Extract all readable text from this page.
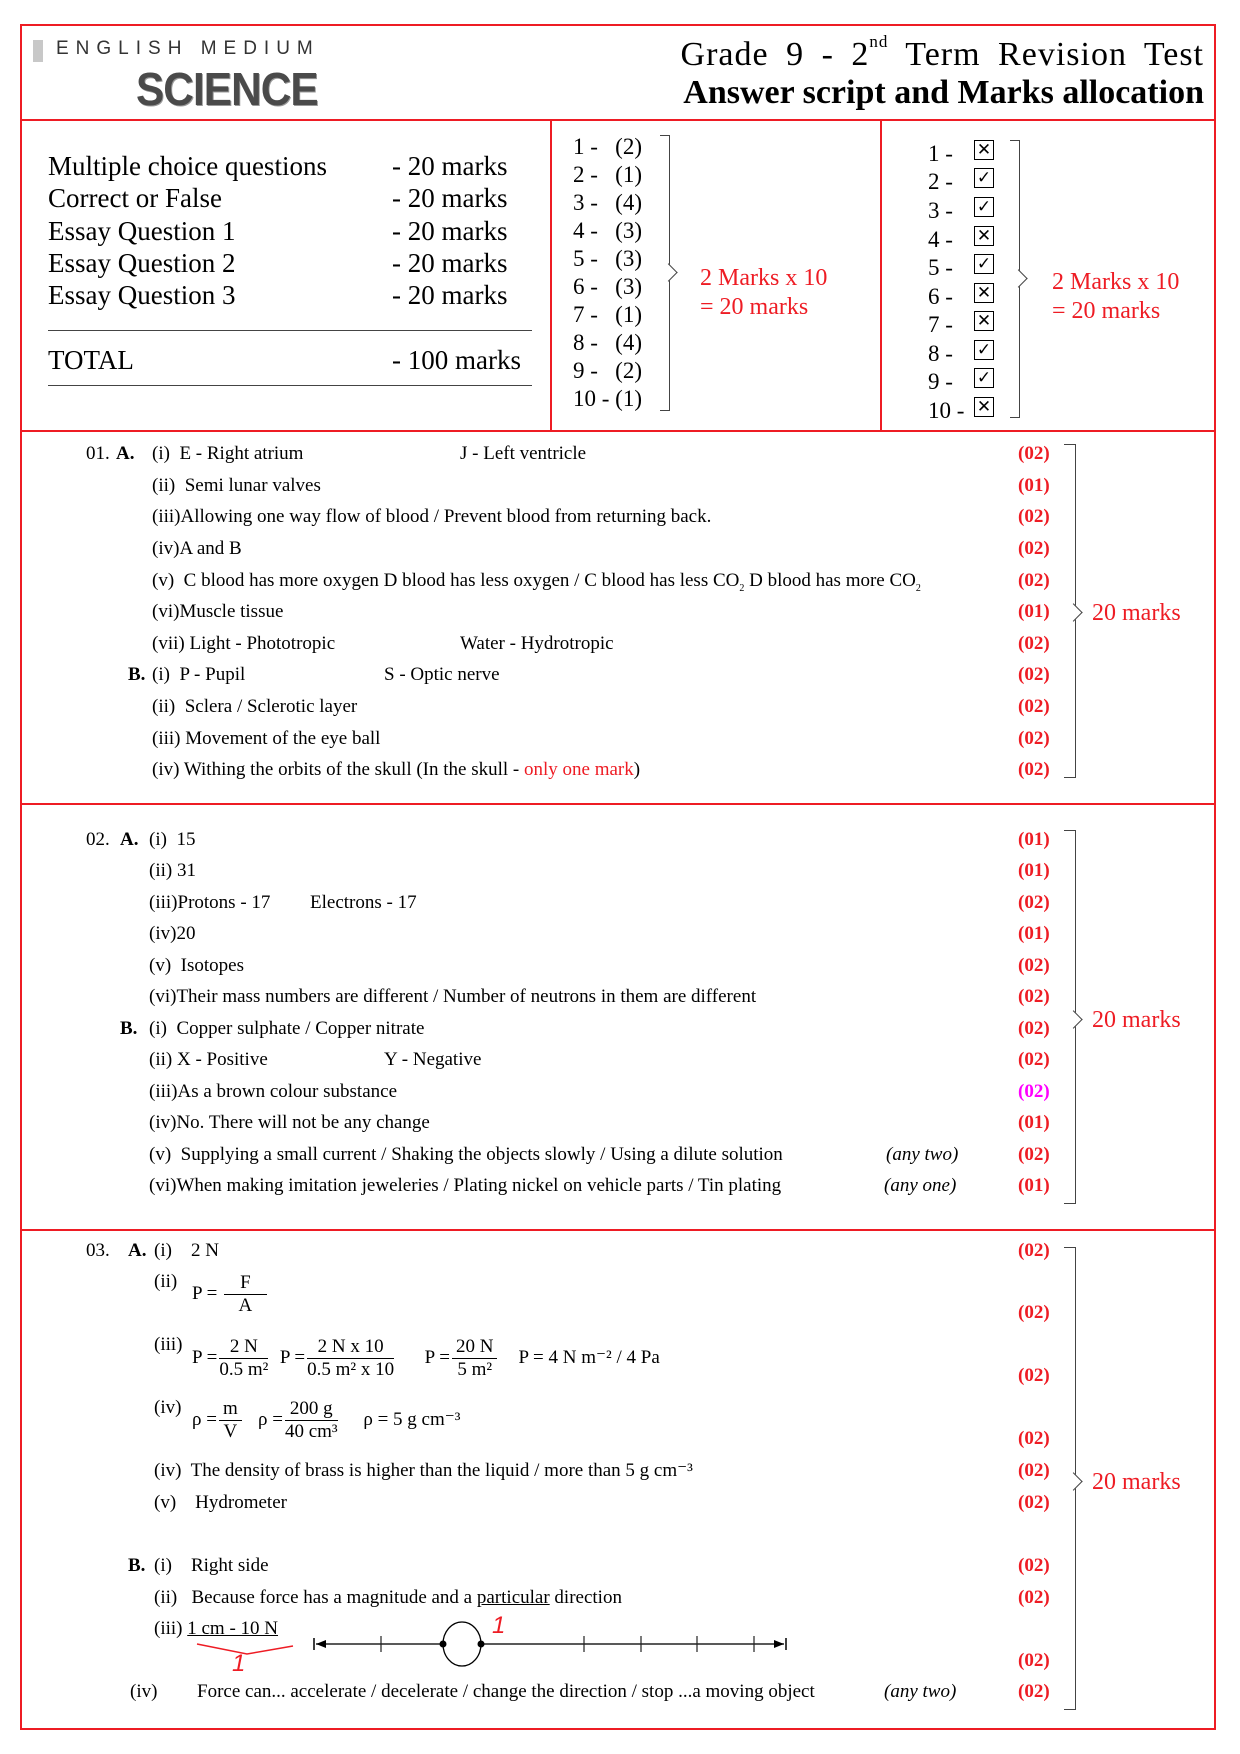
ENGLISH MEDIUM
SCIENCE
Grade 9 - 2nd Term Revision Test
Answer script and Marks allocation
Multiple choice questions - 20 marks
Correct or False	- 20 marks
Essay Question 1	- 20 marks
Essay Question 2	- 20 marks
Essay Question 3	- 20 marks
TOTAL	- 100 marks
1 -   (2)
2 -   (1)
3 -   (4)
4 -   (3)
5 -   (3)
6 -   (3)
7 -   (1)
8 -   (4)
9 -   (2)
10 - (1)
2 Marks x 10
= 20 marks
1 - ✕
2 - ✓
3 - ✓
4 - ✕
5 - ✓
6 - ✕
7 - ✕
8 - ✓
9 - ✓
10 - ✕
2 Marks x 10
= 20 marks
01. A. (i) E - Right atrium	J - Left ventricle	(02)
(ii) Semi lunar valves	(01)
(iii)Allowing one way flow of blood / Prevent blood from returning back.	(02)
(iv)A and B	(02)
(v) C blood has more oxygen D blood has less oxygen / C blood has less $CO_2$ D blood has more $CO_2$	(02)
(vi)Muscle tissue	(01)
(vii) Light - Phototropic	Water - Hydrotropic	(02)
B. (i) P - Pupil	S - Optic nerve	(02)
(ii) Sclera / Sclerotic layer	(02)
(iii) Movement of the eye ball	(02)
(iv) Withing the orbits of the skull (In the skull - only one mark)	(02)
20 marks
02. A. (i) 15	(01)
(ii) 31	(01)
(iii)Protons - 17 Electrons - 17	(02)
(iv)20	(01)
(v) Isotopes	(02)
(vi)Their mass numbers are different / Number of neutrons in them are different	(02)
B. (i) Copper sulphate / Copper nitrate	(02)
(ii) X - Positive	Y - Negative	(02)
(iii)As a brown colour substance	(02)
(iv)No. There will not be any change	(01)
(v) Supplying a small current / Shaking the objects slowly / Using a dilute solution	(any two)	(02)
(vi)When making imitation jeweleries / Plating nickel on vehicle parts / Tin plating	(any one)	(01)
20 marks
03. A. (i) 2 N	(02)
(ii)
$P = \frac{F}{A}$	(02)
(iii)
$P = \frac{2 N}{\text{0.5 m²}}$ $P = \frac{\text{2 N x 10}}{\text{0.5 m² x 10}}$ $P = \frac{20 N}{\text{5 m²}}$ P = 4 N m⁻² / 4 Pa
(02)
(iv)
$\rho = \frac{m}{V}$ $\rho = \frac{200 g}{\text{40 cm³}}$ ρ = 5 g cm⁻³
(02)
(iv) The density of brass is higher than the liquid / more than 5 g cm⁻³	(02)
(v) Hydrometer	(02)
B. (i) Right side	(02)
(ii) Because force has a magnitude and a particular direction	(02)
(iii) 1 cm - 10 N
1
1
(02)
(iv) Force can... accelerate / decelerate / change the direction / stop ...a moving object	(any two)	(02)
20 marks
